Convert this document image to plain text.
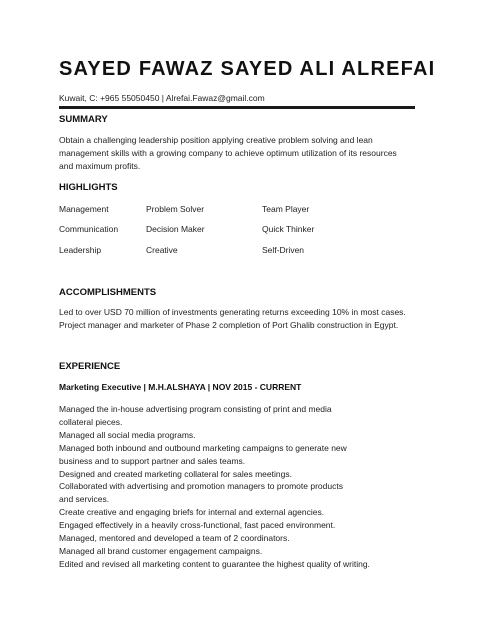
SAYED FAWAZ SAYED ALI ALREFAI
Kuwait, C: +965 55050450 | Alrefai.Fawaz@gmail.com
SUMMARY
Obtain a challenging leadership position applying creative problem solving and lean
management skills with a growing company to achieve optimum utilization of its resources
and maximum profits.
HIGHLIGHTS
Management	Problem Solver	Team Player
Communication	Decision Maker	Quick Thinker
Leadership	Creative	Self-Driven
ACCOMPLISHMENTS
Led to over USD 70 million of investments generating returns exceeding 10% in most cases.
Project manager and marketer of Phase 2 completion of Port Ghalib construction in Egypt.
EXPERIENCE
Marketing Executive | M.H.ALSHAYA | NOV 2015 - CURRENT
Managed the in-house advertising program consisting of print and media
collateral pieces.
Managed all social media programs.
Managed both inbound and outbound marketing campaigns to generate new
business and to support partner and sales teams.
Designed and created marketing collateral for sales meetings.
Collaborated with advertising and promotion managers to promote products
and services.
Create creative and engaging briefs for internal and external agencies.
Engaged effectively in a heavily cross-functional, fast paced environment.
Managed, mentored and developed a team of 2 coordinators.
Managed all brand customer engagement campaigns.
Edited and revised all marketing content to guarantee the highest quality of writing.
